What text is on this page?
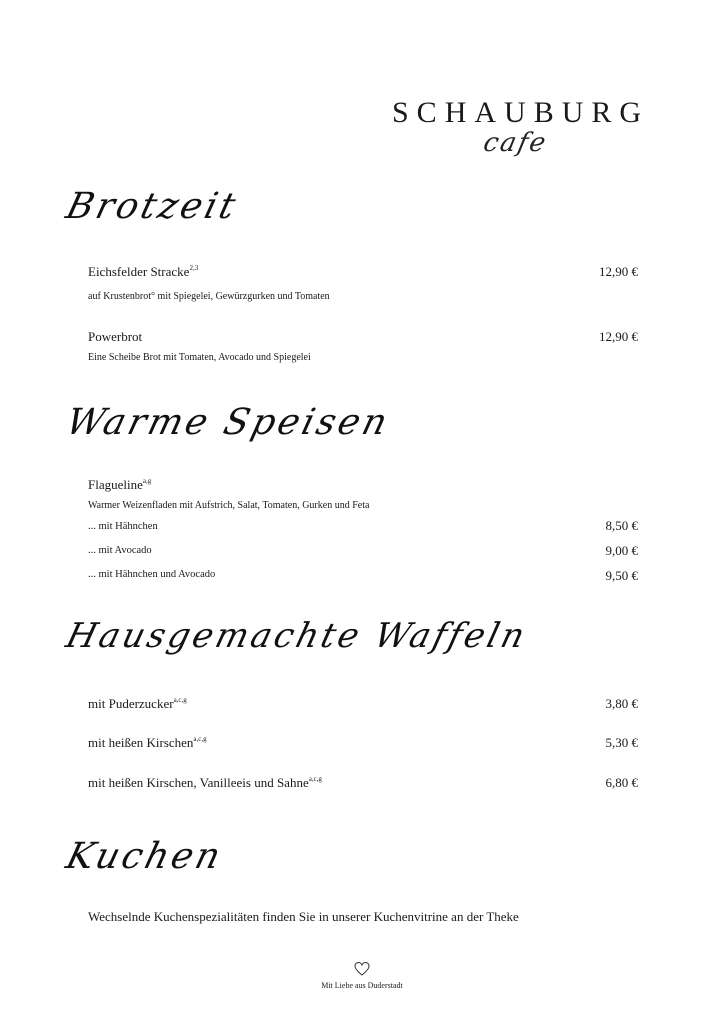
SCHAUBURG
cafe
Brotzeit
Eichsfelder Stracke$^{2,3}$	12,90 €
auf Krustenbrot° mit Spiegelei, Gewürzgurken und Tomaten
Powerbrot	12,90 €
Eine Scheibe Brot mit Tomaten, Avocado und Spiegelei
Warme Speisen
Flagueline$^{a,g}$
Warmer Weizenfladen mit Aufstrich, Salat, Tomaten, Gurken und Feta
... mit Hähnchen	8,50 €
... mit Avocado	9,00 €
... mit Hähnchen und Avocado	9,50 €
Hausgemachte Waffeln
mit Puderzucker$^{a,c,g}$	3,80 €
mit heißen Kirschen$^{a,c,g}$	5,30 €
mit heißen Kirschen, Vanilleeis und Sahne$^{a,c,g}$	6,80 €
Kuchen
Wechselnde Kuchenspezialitäten finden Sie in unserer Kuchenvitrine an der Theke
Mit Liebe aus Duderstadt
